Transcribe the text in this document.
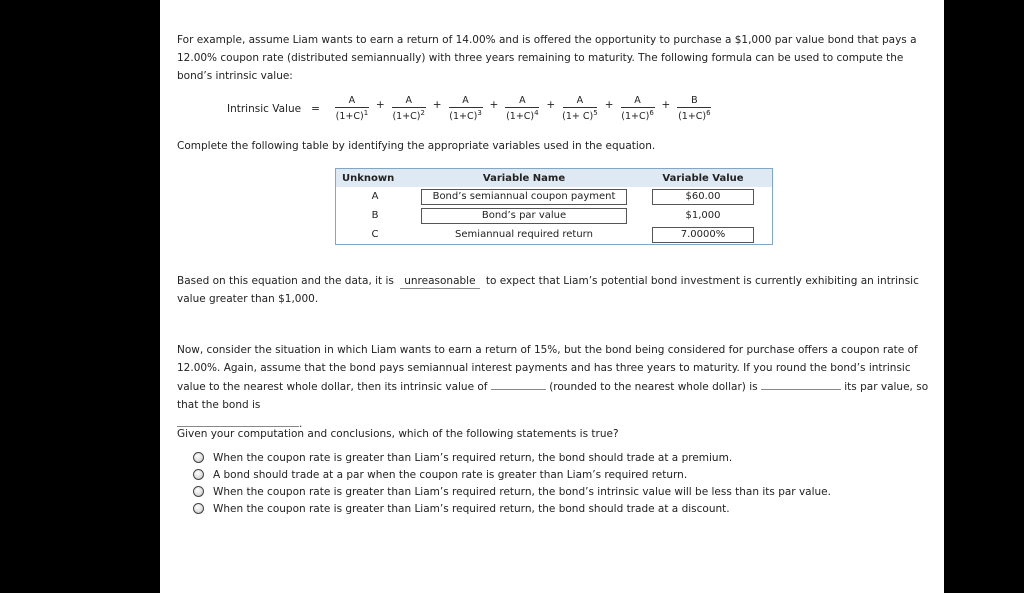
For example, assume Liam wants to earn a return of 14.00% and is offered the opportunity to purchase a $1,000 par value bond that pays a 12.00% coupon rate (distributed semiannually) with three years remaining to maturity. The following formula can be used to compute the bond’s intrinsic value:

Intrinsic Value = $\frac{A}{(1+C)^1} + \frac{A}{(1+C)^2} + \frac{A}{(1+C)^3} + \frac{A}{(1+C)^4} + \frac{A}{(1+ C)^5} + \frac{A}{(1+C)^6} + \frac{B}{(1+C)^6}$

Complete the following table by identifying the appropriate variables used in the equation.

Unknown	Variable Name	Variable Value
A	Bond’s semiannual coupon payment	$60.00
B	Bond’s par value	$1,000
C	Semiannual required return	7.0000%

Based on this equation and the data, it is unreasonable to expect that Liam’s potential bond investment is currently exhibiting an intrinsic value greater than $1,000.

Now, consider the situation in which Liam wants to earn a return of 15%, but the bond being considered for purchase offers a coupon rate of 12.00%. Again, assume that the bond pays semiannual interest payments and has three years to maturity. If you round the bond’s intrinsic value to the nearest whole dollar, then its intrinsic value of	(rounded to the nearest whole dollar) is	its par value, so that the bond is
.

Given your computation and conclusions, which of the following statements is true?

When the coupon rate is greater than Liam’s required return, the bond should trade at a premium.
A bond should trade at a par when the coupon rate is greater than Liam’s required return.
When the coupon rate is greater than Liam’s required return, the bond’s intrinsic value will be less than its par value.
When the coupon rate is greater than Liam’s required return, the bond should trade at a discount.
